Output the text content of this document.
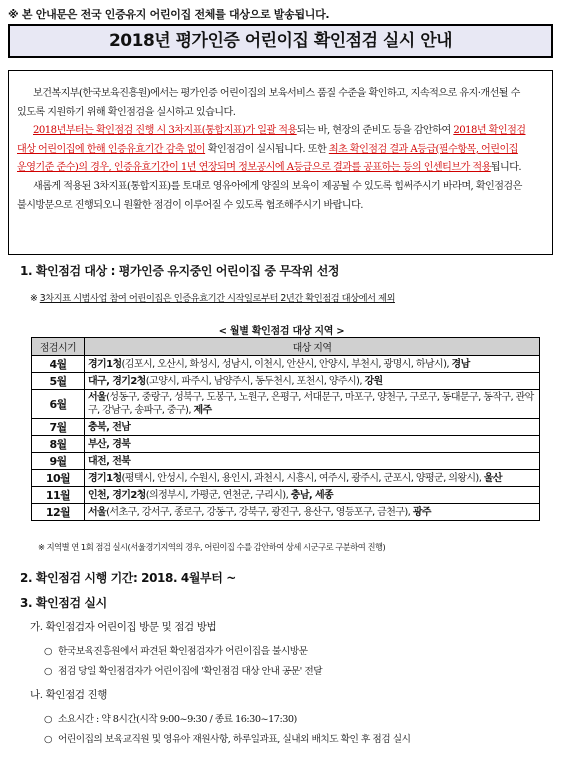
※ 본 안내문은 전국 인증유지 어린이집 전체를 대상으로 발송됩니다.
2018년 평가인증 어린이집 확인점검 실시 안내

보건복지부(한국보육진흥원)에서는 평가인증 어린이집의 보육서비스 품질 수준을 확인하고, 지속적으로 유지·개선될 수 있도록 지원하기 위해 확인점검을 실시하고 있습니다.

2018년부터는 확인점검 진행 시 3차지표(통합지표)가 일괄 적용되는 바, 현장의 준비도 등을 감안하여 2018년 확인점검 대상 어린이집에 한해 인증유효기간 감축 없이 확인점검이 실시됩니다. 또한 최초 확인점검 결과 A등급(필수항목, 어린이집 운영기준 준수)의 경우, 인증유효기간이 1년 연장되며 정보공시에 A등급으로 결과를 공표하는 등의 인센티브가 적용됩니다.

새롭게 적용된 3차지표(통합지표)를 토대로 영유아에게 양질의 보육이 제공될 수 있도록 힘써주시기 바라며, 확인점검은 불시방문으로 진행되오니 원활한 점검이 이루어질 수 있도록 협조해주시기 바랍니다.

1. 확인점검 대상 : 평가인증 유지중인 어린이집 중 무작위 선정
※ 3차지표 시범사업 참여 어린이집은 인증유효기간 시작일로부터 2년간 확인점검 대상에서 제외
< 월별 확인점검 대상 지역 >
점검시기	대상 지역
4월	경기1청(김포시, 오산시, 화성시, 성남시, 이천시, 안산시, 안양시, 부천시, 광명시, 하남시), 경남
5월	대구, 경기2청(고양시, 파주시, 남양주시, 동두천시, 포천시, 양주시), 강원
6월	서울(성동구, 중랑구, 성북구, 도봉구, 노원구, 은평구, 서대문구, 마포구, 양천구, 구로구, 동대문구, 동작구, 관악구, 강남구, 송파구, 중구), 제주
7월	충북, 전남
8월	부산, 경북
9월	대전, 전북
10월	경기1청(평택시, 안성시, 수원시, 용인시, 과천시, 시흥시, 여주시, 광주시, 군포시, 양평군, 의왕시), 울산
11월	인천, 경기2청(의정부시, 가평군, 연천군, 구리시), 충남, 세종
12월	서울(서초구, 강서구, 종로구, 강동구, 강북구, 광진구, 용산구, 영등포구, 금천구), 광주
※ 지역별 연 1회 점검 실시(서울경기지역의 경우, 어린이집 수를 감안하여 상세 시군구로 구분하여 진행)
2. 확인점검 시행 기간: 2018. 4월부터 ~
3. 확인점검 실시
가. 확인점검자 어린이집 방문 및 점검 방법
○ 한국보육진흥원에서 파견된 확인점검자가 어린이집을 불시방문
○ 점검 당일 확인점검자가 어린이집에 '확인점검 대상 안내 공문' 전달
나. 확인점검 진행
○ 소요시간 : 약 8시간(시작 9:00~9:30 / 종료 16:30~17:30)
○ 어린이집의 보육교직원 및 영유아 재원사항, 하루일과표, 실내외 배치도 확인 후 점검 실시
